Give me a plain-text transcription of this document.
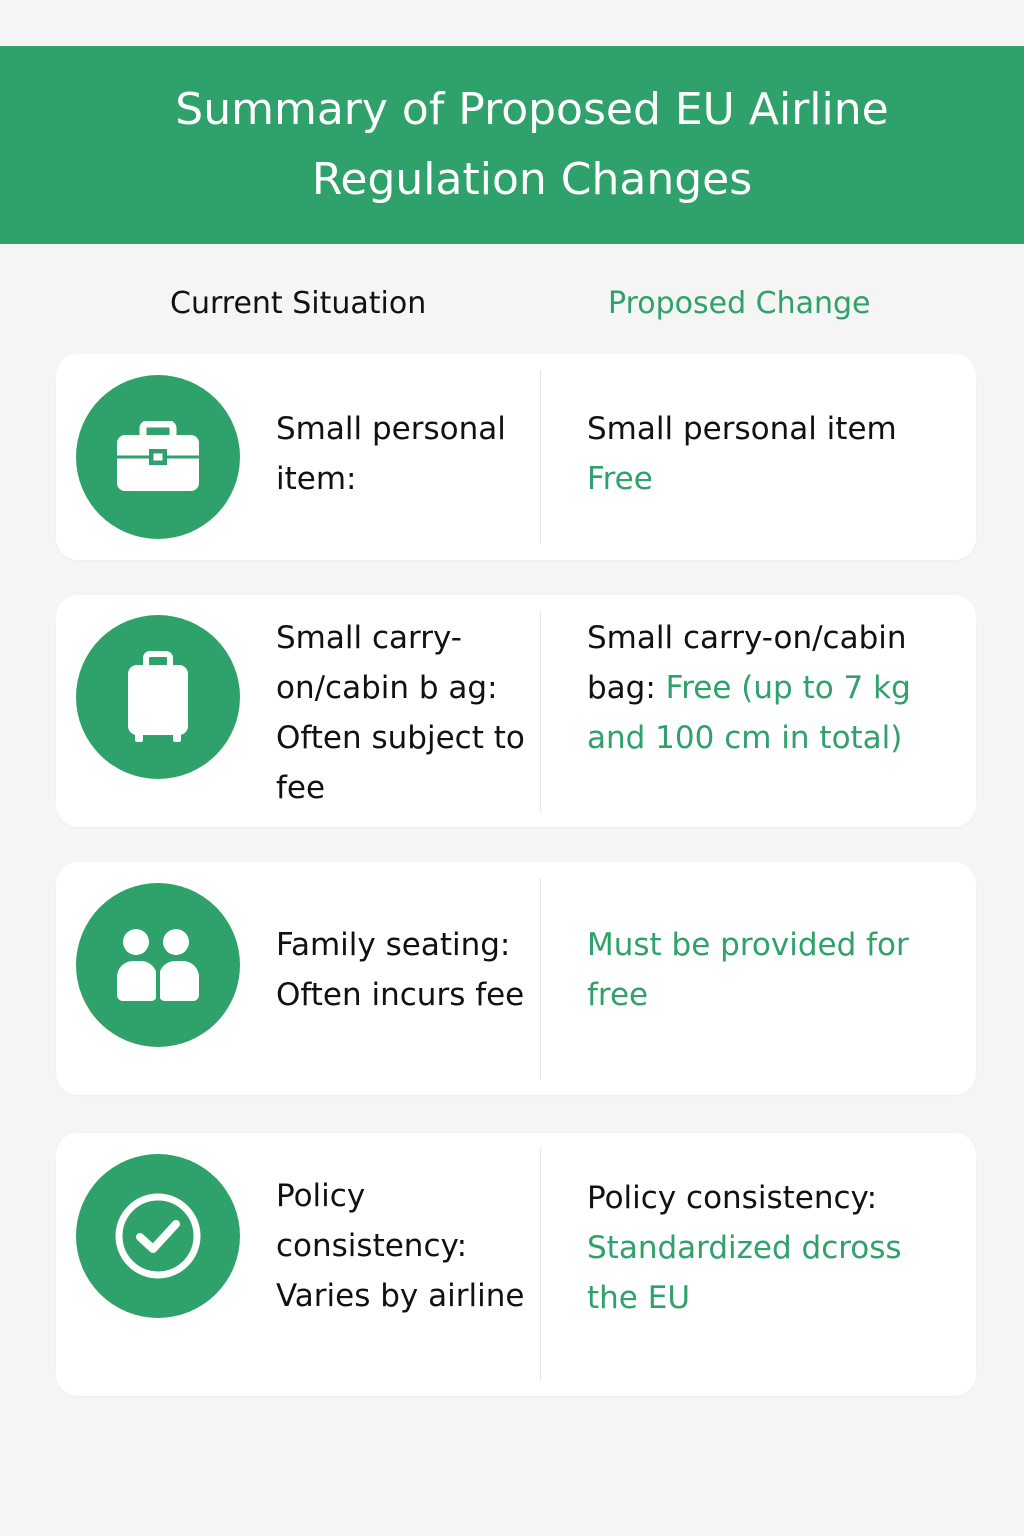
Summary of Proposed EU Airline Regulation Changes
Current Situation	Proposed Change
Small personal item:
Small personal item
Free
Small carry-on/cabin b ag: Often subject to fee
Small carry-on/cabin bag: Free (up to 7 kg and 100 cm in total)
Family seating: Often incurs fee
Must be provided for free
Policy consistency: Varies by airline
Policy consistency:
Standardized dcross the EU
